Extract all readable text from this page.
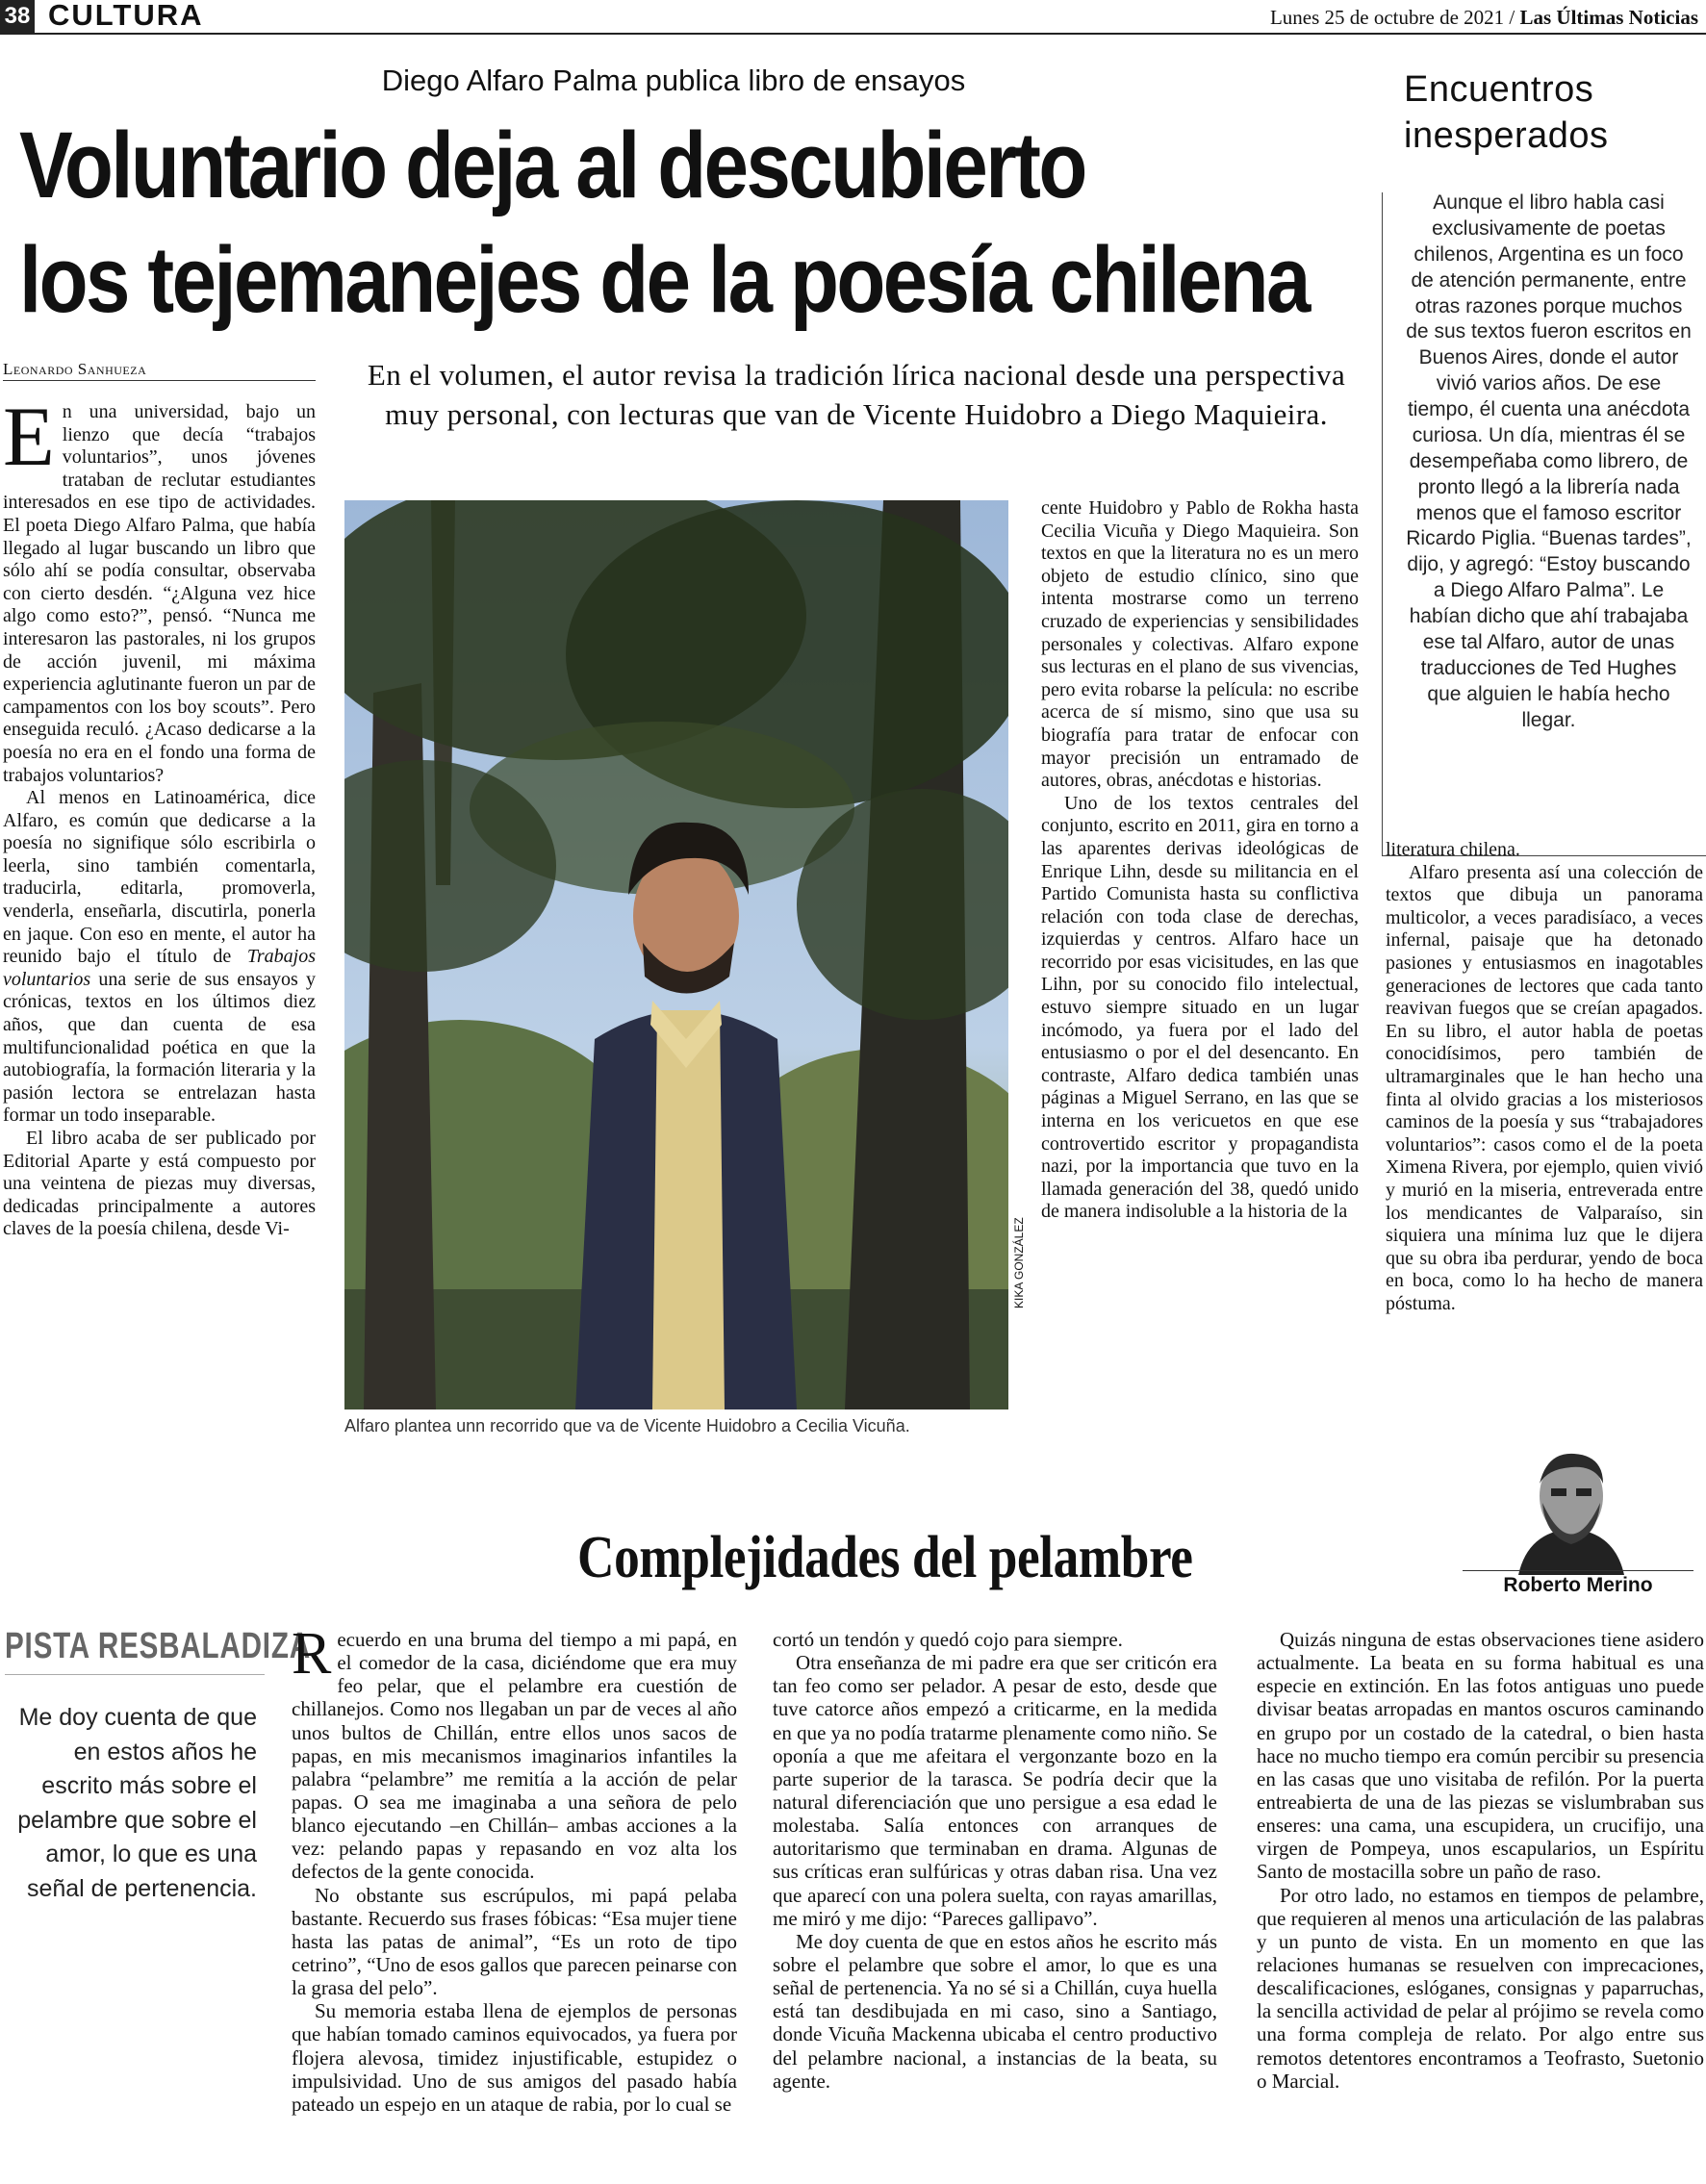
38 CULTURA	Lunes 25 de octubre de 2021 / Las Últimas Noticias
Diego Alfaro Palma publica libro de ensayos
Voluntario deja al descubierto
los tejemanejes de la poesía chilena
Leonardo Sanhueza	En el volumen, el autor revisa la tradición lírica nacional desde una perspectiva muy personal, con lecturas que van de Vicente Huidobro a Diego Maquieira.

En una universidad, bajo un lienzo que decía “trabajos voluntarios”, unos jóvenes trataban de reclutar estudiantes interesados en ese tipo de actividades. El poeta Diego Alfaro Palma, que había llegado al lugar buscando un libro que sólo ahí se podía consultar, observaba con cierto desdén. “¿Alguna vez hice algo como esto?”, pensó. “Nunca me interesaron las pastorales, ni los grupos de acción juvenil, mi máxima experiencia aglutinante fueron un par de campamentos con los boy scouts”. Pero enseguida reculó. ¿Acaso dedicarse a la poesía no era en el fondo una forma de trabajos voluntarios?

Al menos en Latinoamérica, dice Alfaro, es común que dedicarse a la poesía no signifique sólo escribirla o leerla, sino también comentarla, traducirla, editarla, promoverla, venderla, enseñarla, discutirla, ponerla en jaque. Con eso en mente, el autor ha reunido bajo el título de Trabajos voluntarios una serie de sus ensayos y crónicas, textos en los últimos diez años, que dan cuenta de esa multifuncionalidad poética en que la autobiografía, la formación literaria y la pasión lectora se entrelazan hasta formar un todo inseparable.

El libro acaba de ser publicado por Editorial Aparte y está compuesto por una veintena de piezas muy diversas, dedicadas principalmente a autores claves de la poesía chilena, desde Vi-	KIKA GONZÁLEZ
Alfaro plantea unn recorrido que va de Vicente Huidobro a Cecilia Vicuña.

cente Huidobro y Pablo de Rokha hasta Cecilia Vicuña y Diego Maquieira. Son textos en que la literatura no es un mero objeto de estudio clínico, sino que intenta mostrarse como un terreno cruzado de experiencias y sensibilidades personales y colectivas. Alfaro expone sus lecturas en el plano de sus vivencias, pero evita robarse la película: no escribe acerca de sí mismo, sino que usa su biografía para tratar de enfocar con mayor precisión un entramado de autores, obras, anécdotas e historias.

Uno de los textos centrales del conjunto, escrito en 2011, gira en torno a las aparentes derivas ideológicas de Enrique Lihn, desde su militancia en el Partido Comunista hasta su conflictiva relación con toda clase de derechas, izquierdas y centros. Alfaro hace un recorrido por esas vicisitudes, en las que Lihn, por su conocido filo intelectual, estuvo siempre situado en un lugar incómodo, ya fuera por el lado del entusiasmo o por el del desencanto. En contraste, Alfaro dedica también unas páginas a Miguel Serrano, en las que se interna en los vericuetos en que ese controvertido escritor y propagandista nazi, por la importancia que tuvo en la llamada generación del 38, quedó unido de manera indisoluble a la historia de la

Encuentros
inesperados
Aunque el libro habla casi exclusivamente de poetas chilenos, Argentina es un foco de atención permanente, entre otras razones porque muchos de sus textos fueron escritos en Buenos Aires, donde el autor vivió varios años. De ese tiempo, él cuenta una anécdota curiosa. Un día, mientras él se desempeñaba como librero, de pronto llegó a la librería nada menos que el famoso escritor Ricardo Piglia. “Buenas tardes”, dijo, y agregó: “Estoy buscando a Diego Alfaro Palma”. Le habían dicho que ahí trabajaba ese tal Alfaro, autor de unas traducciones de Ted Hughes que alguien le había hecho llegar.

literatura chilena.

Alfaro presenta así una colección de textos que dibuja un panorama multicolor, a veces paradisíaco, a veces infernal, paisaje que ha detonado pasiones y entusiasmos en inagotables generaciones de lectores que cada tanto reavivan fuegos que se creían apagados. En su libro, el autor habla de poetas conocidísimos, pero también de ultramarginales que le han hecho una finta al olvido gracias a los misteriosos caminos de la poesía y sus “trabajadores voluntarios”: casos como el de la poeta Ximena Rivera, por ejemplo, quien vivió y murió en la miseria, entreverada entre los mendicantes de Valparaíso, sin siquiera una mínima luz que le dijera que su obra iba perdurar, yendo de boca en boca, como lo ha hecho de manera póstuma.

Complejidades del pelambre	Roberto Merino
PISTA RESBALADIZA
Me doy cuenta de que en estos años he escrito más sobre el pelambre que sobre el amor, lo que es una señal de pertenencia.

Recuerdo en una bruma del tiempo a mi papá, en el comedor de la casa, diciéndome que era muy feo pelar, que el pelambre era cuestión de chillanejos. Como nos llegaban un par de veces al año unos bultos de Chillán, entre ellos unos sacos de papas, en mis mecanismos imaginarios infantiles la palabra “pelambre” me remitía a la acción de pelar papas. O sea me imaginaba a una señora de pelo blanco ejecutando –en Chillán– ambas acciones a la vez: pelando papas y repasando en voz alta los defectos de la gente conocida.

No obstante sus escrúpulos, mi papá pelaba bastante. Recuerdo sus frases fóbicas: “Esa mujer tiene hasta las patas de animal”, “Es un roto de tipo cetrino”, “Uno de esos gallos que parecen peinarse con la grasa del pelo”.

Su memoria estaba llena de ejemplos de personas que habían tomado caminos equivocados, ya fuera por flojera alevosa, timidez injustificable, estupidez o impulsividad. Uno de sus amigos del pasado había pateado un espejo en un ataque de rabia, por lo cual se

cortó un tendón y quedó cojo para siempre.

Otra enseñanza de mi padre era que ser criticón era tan feo como ser pelador. A pesar de esto, desde que tuve catorce años empezó a criticarme, en la medida en que ya no podía tratarme plenamente como niño. Se oponía a que me afeitara el vergonzante bozo en la parte superior de la tarasca. Se podría decir que la natural diferenciación que uno persigue a esa edad le molestaba. Salía entonces con arranques de autoritarismo que terminaban en drama. Algunas de sus críticas eran sulfúricas y otras daban risa. Una vez que aparecí con una polera suelta, con rayas amarillas, me miró y me dijo: “Pareces gallipavo”.

Me doy cuenta de que en estos años he escrito más sobre el pelambre que sobre el amor, lo que es una señal de pertenencia. Ya no sé si a Chillán, cuya huella está tan desdibujada en mi caso, sino a Santiago, donde Vicuña Mackenna ubicaba el centro productivo del pelambre nacional, a instancias de la beata, su agente.

Quizás ninguna de estas observaciones tiene asidero actualmente. La beata en su forma habitual es una especie en extinción. En las fotos antiguas uno puede divisar beatas arropadas en mantos oscuros caminando en grupo por un costado de la catedral, o bien hasta hace no mucho tiempo era común percibir su presencia en las casas que uno visitaba de refilón. Por la puerta entreabierta de una de las piezas se vislumbraban sus enseres: una cama, una escupidera, un crucifijo, una virgen de Pompeya, unos escapularios, un Espíritu Santo de mostacilla sobre un paño de raso.

Por otro lado, no estamos en tiempos de pelambre, que requieren al menos una articulación de las palabras y un punto de vista. En un momento en que las relaciones humanas se resuelven con imprecaciones, descalificaciones, eslóganes, consignas y paparruchas, la sencilla actividad de pelar al prójimo se revela como una forma compleja de relato. Por algo entre sus remotos detentores encontramos a Teofrasto, Suetonio o Marcial.
